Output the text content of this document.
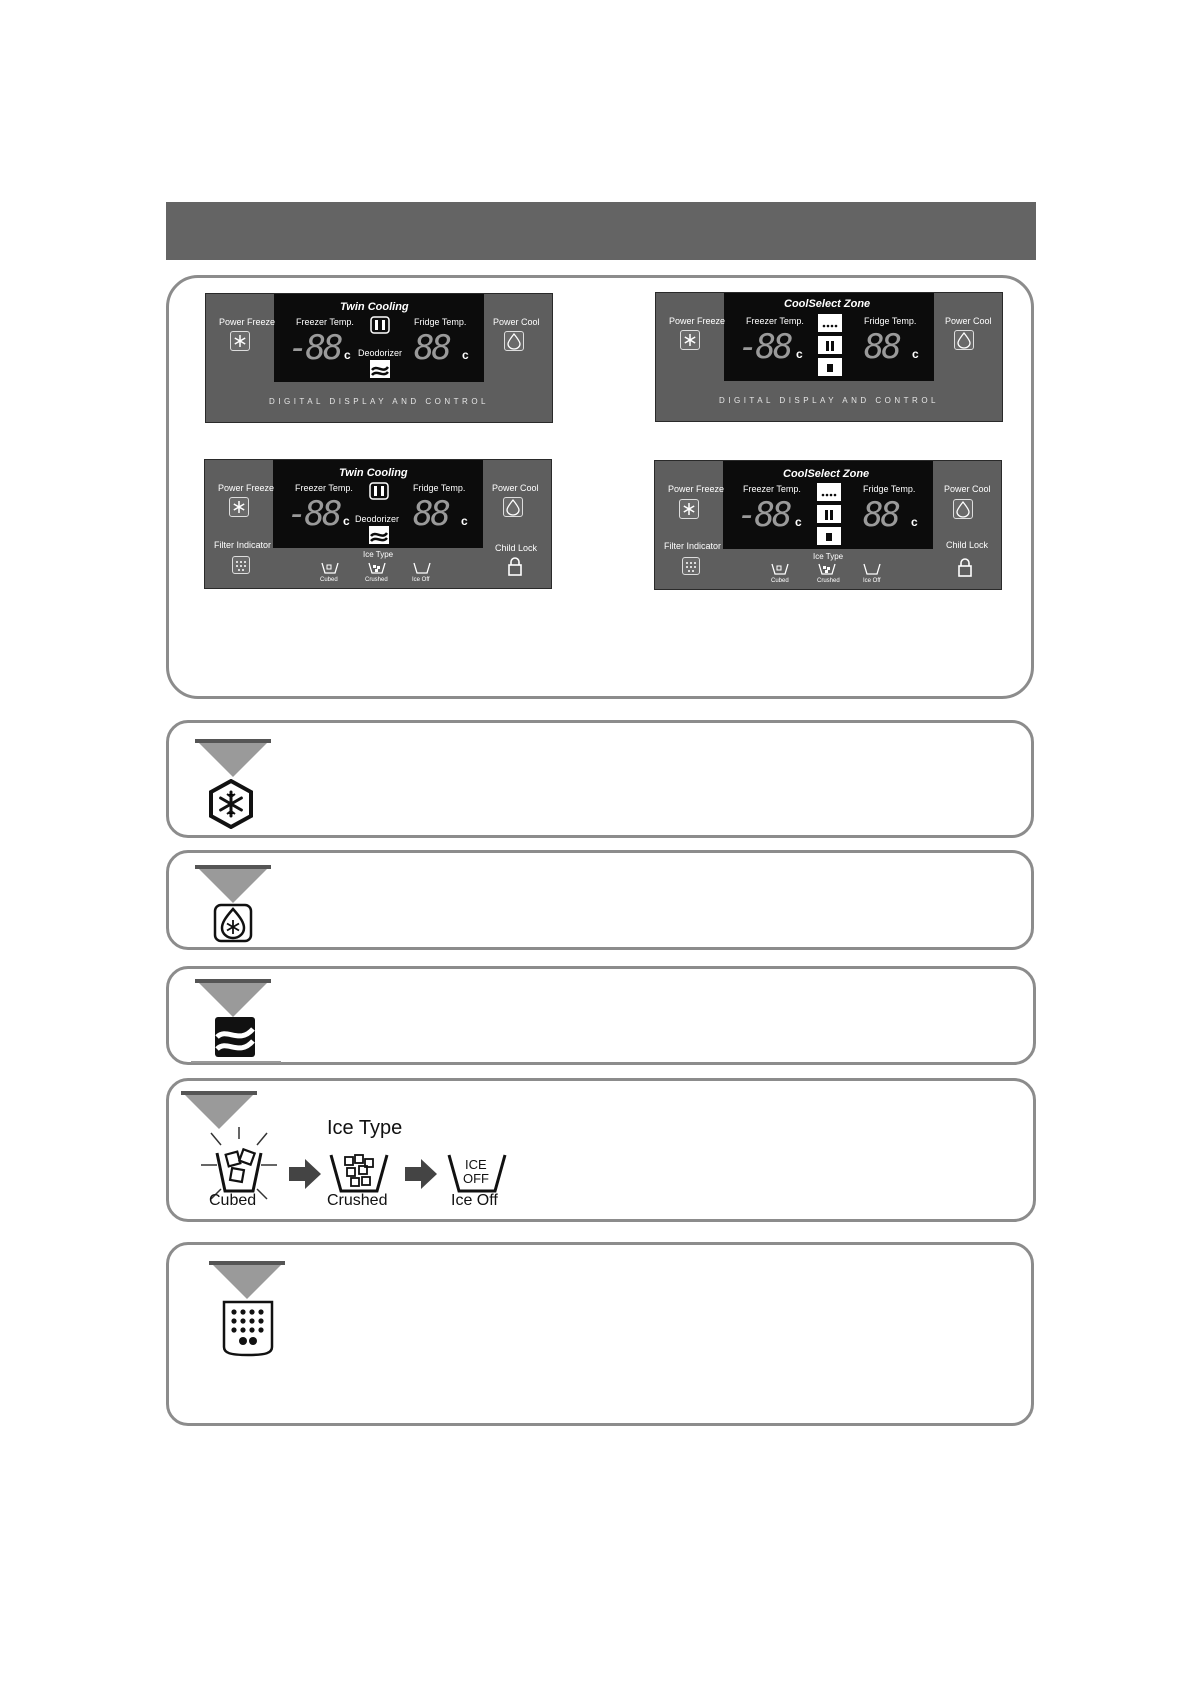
Twin Cooling
Freezer Temp.	Fridge Temp.
-88 c 88 c
Deodorizer
Power Freeze	Power Cool
DIGITAL DISPLAY AND CONTROL
CoolSelect Zone
Freezer Temp.	Fridge Temp.
-88 c 88 c
Power Freeze	Power Cool
DIGITAL DISPLAY AND CONTROL
Twin Cooling
Freezer Temp.	Fridge Temp.
-88 c 88 c
Deodorizer
Power Freeze	Power Cool
Filter Indicator	Child Lock
Ice Type
Cubed	Crushed	Ice Off
CoolSelect Zone
Freezer Temp.	Fridge Temp.
-88 c 88 c
Power Freeze	Power Cool
Filter Indicator	Child Lock
Ice Type
Cubed	Crushed	Ice Off
Ice Type
Cubed	Crushed
ICE
OFF
Ice Off
